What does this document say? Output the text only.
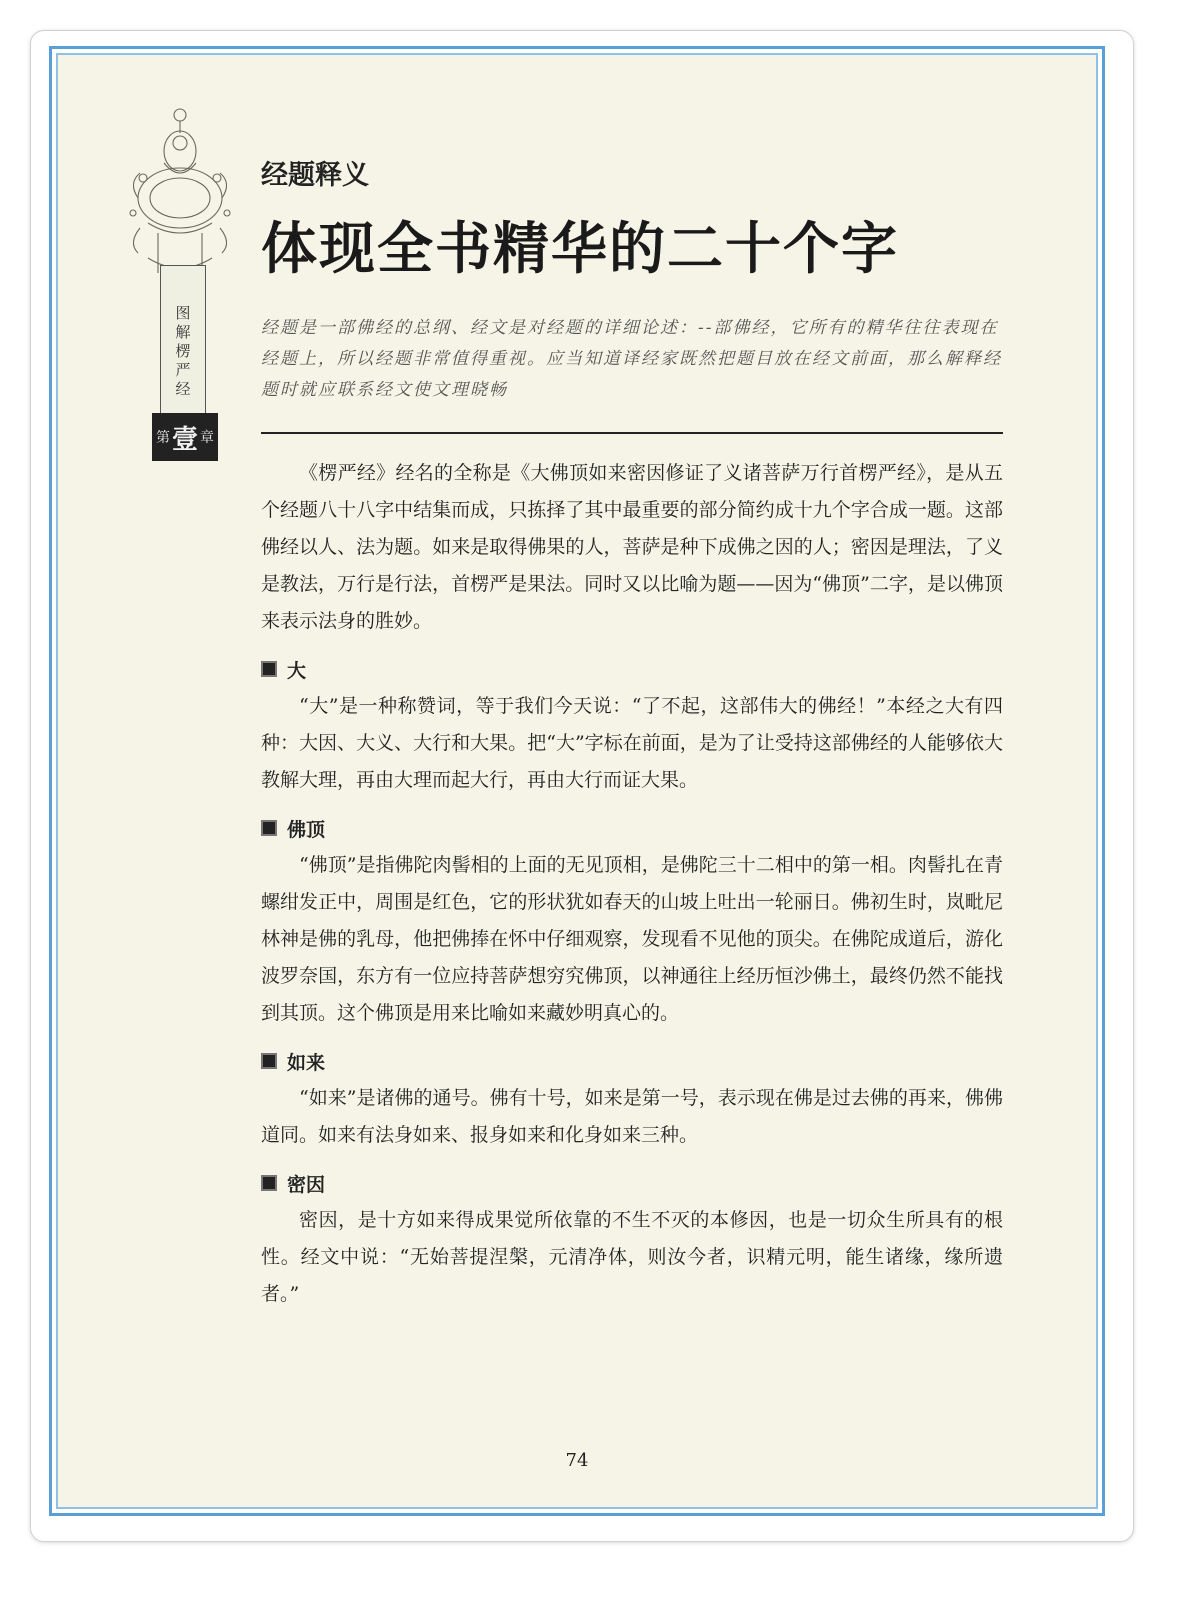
图解楞严经
第 壹 章
经题释义
体现全书精华的二十个字

经题是一部佛经的总纲、经文是对经题的详细论述：--部佛经，它所有的精华往往表现在经题上，所以经题非常值得重视。应当知道译经家既然把题目放在经文前面，那么解释经题时就应联系经文使文理晓畅

《楞严经》经名的全称是《大佛顶如来密因修证了义诸菩萨万行首楞严经》，是从五个经题八十八字中结集而成，只拣择了其中最重要的部分简约成十九个字合成一题。这部佛经以人、法为题。如来是取得佛果的人，菩萨是种下成佛之因的人；密因是理法，了义是教法，万行是行法，首楞严是果法。同时又以比喻为题——因为“佛顶”二字，是以佛顶来表示法身的胜妙。

大

“大”是一种称赞词，等于我们今天说：“了不起，这部伟大的佛经！”本经之大有四种：大因、大义、大行和大果。把“大”字标在前面，是为了让受持这部佛经的人能够依大教解大理，再由大理而起大行，再由大行而证大果。

佛顶

“佛顶”是指佛陀肉髻相的上面的无见顶相，是佛陀三十二相中的第一相。肉髻扎在青螺绀发正中，周围是红色，它的形状犹如春天的山坡上吐出一轮丽日。佛初生时，岚毗尼林神是佛的乳母，他把佛捧在怀中仔细观察，发现看不见他的顶尖。在佛陀成道后，游化波罗奈国，东方有一位应持菩萨想穷究佛顶，以神通往上经历恒沙佛土，最终仍然不能找到其顶。这个佛顶是用来比喻如来藏妙明真心的。

如来

“如来”是诸佛的通号。佛有十号，如来是第一号，表示现在佛是过去佛的再来，佛佛道同。如来有法身如来、报身如来和化身如来三种。

密因

密因，是十方如来得成果觉所依靠的不生不灭的本修因，也是一切众生所具有的根性。经文中说：“无始菩提涅槃，元清净体，则汝今者，识精元明，能生诸缘，缘所遗者。”

74
